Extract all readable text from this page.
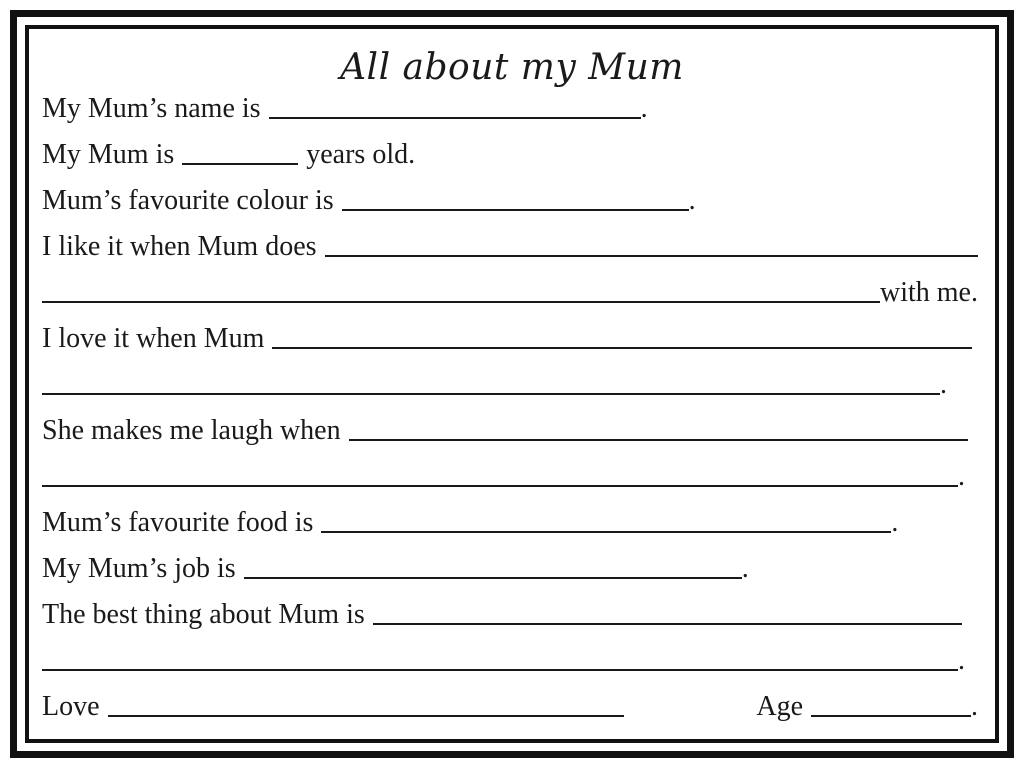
All about my Mum
My Mum’s name is	.
My Mum is	years old.
Mum’s favourite colour is	.
I like it when Mum does
with me.
I love it when Mum
.
She makes me laugh when
.
Mum’s favourite food is	.
My Mum’s job is	.
The best thing about Mum is
.
Love	Age	.
